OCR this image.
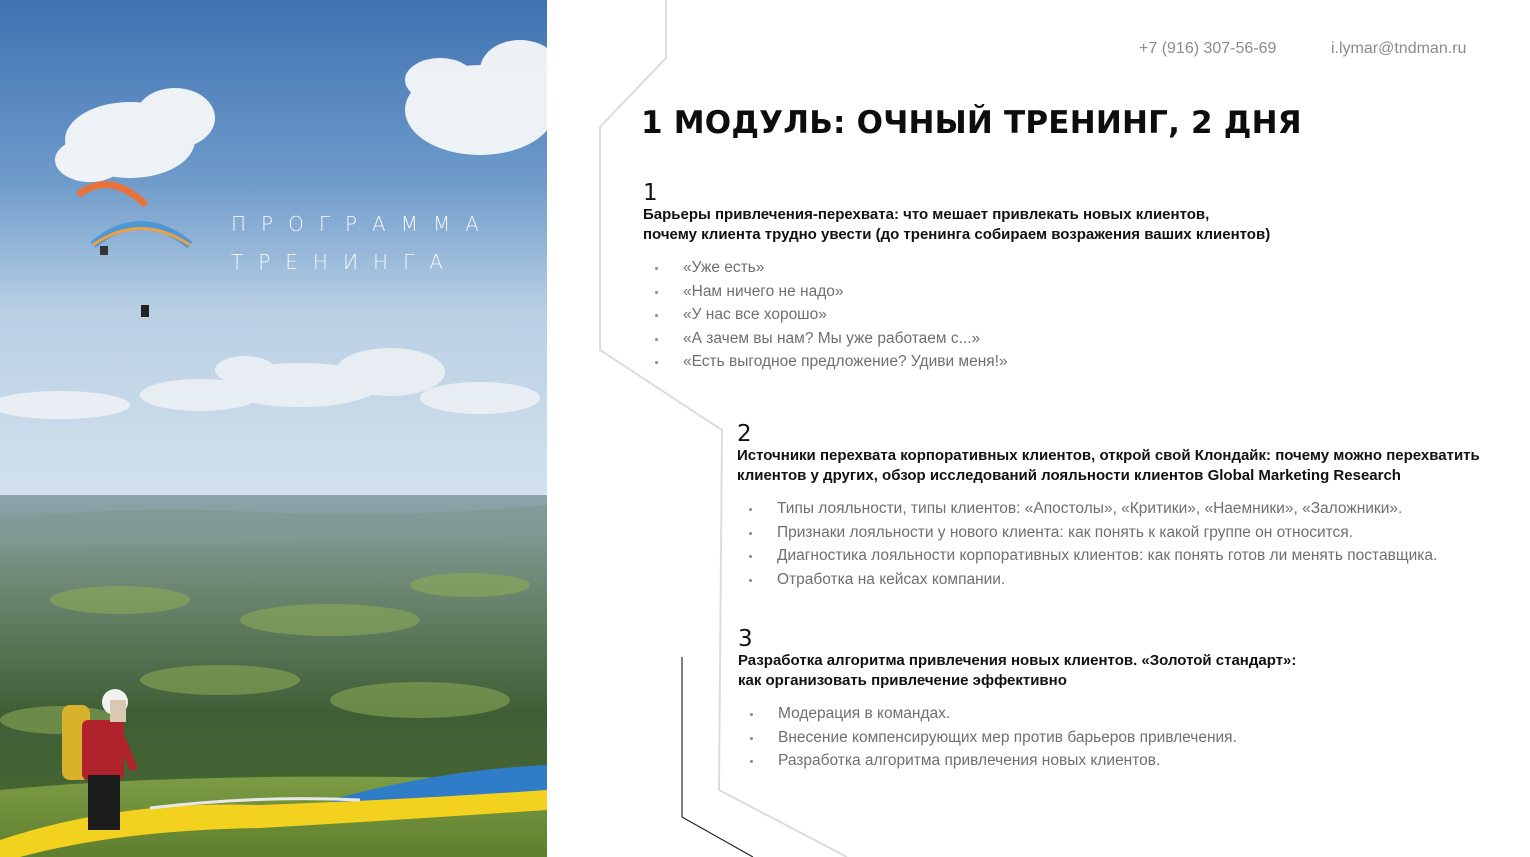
ПРОГРАММА
ТРЕНИНГА
+7 (916) 307-56-69	i.lymar@tndman.ru
1 МОДУЛЬ: ОЧНЫЙ ТРЕНИНГ, 2 ДНЯ
1
Барьеры привлечения-перехвата: что мешает привлекать новых клиентов,
почему клиента трудно увести (до тренинга собираем возражения ваших клиентов)
«Уже есть»
«Нам ничего не надо»
«У нас все хорошо»
«А зачем вы нам? Мы уже работаем с...»
«Есть выгодное предложение? Удиви меня!»
2
Источники перехвата корпоративных клиентов, открой свой Клондайк: почему можно перехватить
клиентов у других, обзор исследований лояльности клиентов Global Marketing Research
Типы лояльности, типы клиентов: «Апостолы», «Критики», «Наемники», «Заложники».
Признаки лояльности у нового клиента: как понять к какой группе он относится.
Диагностика лояльности корпоративных клиентов: как понять готов ли менять поставщика.
Отработка на кейсах компании.
3
Разработка алгоритма привлечения новых клиентов. «Золотой стандарт»:
как организовать привлечение эффективно
Модерация в командах.
Внесение компенсирующих мер против барьеров привлечения.
Разработка алгоритма привлечения новых клиентов.
